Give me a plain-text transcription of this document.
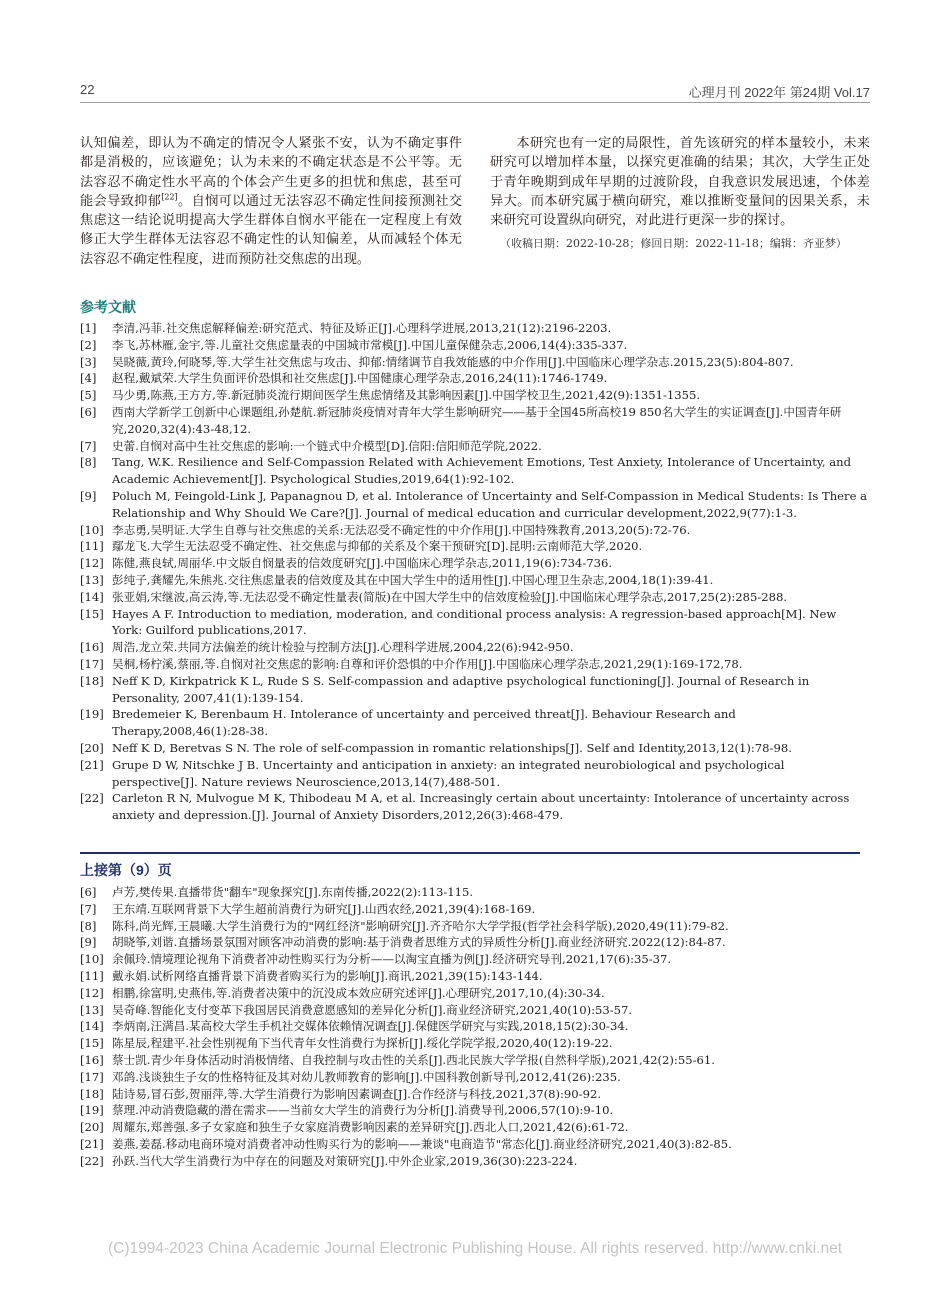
22	心理月刊 2022年 第24期 Vol.17

认知偏差，即认为不确定的情况令人紧张不安，认为不确定事件都是消极的，应该避免；认为未来的不确定状态是不公平等。无法容忍不确定性水平高的个体会产生更多的担忧和焦虑，甚至可能会导致抑郁[22]。自悯可以通过无法容忍不确定性间接预测社交焦虑这一结论说明提高大学生群体自悯水平能在一定程度上有效修正大学生群体无法容忍不确定性的认知偏差，从而减轻个体无法容忍不确定性程度，进而预防社交焦虑的出现。

本研究也有一定的局限性，首先该研究的样本量较小，未来研究可以增加样本量，以探究更准确的结果；其次，大学生正处于青年晚期到成年早期的过渡阶段，自我意识发展迅速，个体差异大。而本研究属于横向研究，难以推断变量间的因果关系，未来研究可设置纵向研究，对此进行更深一步的探讨。

（收稿日期：2022-10-28；修回日期：2022-11-18；编辑：齐亚梦）
参考文献
[1]	李清,冯菲.社交焦虑解释偏差:研究范式、特征及矫正[J].心理科学进展,2013,21(12):2196-2203.
[2]	李飞,苏林雁,金宇,等.儿童社交焦虑量表的中国城市常模[J].中国儿童保健杂志,2006,14(4):335-337.
[3]	吴晓薇,黄玲,何晓琴,等.大学生社交焦虑与攻击、抑郁:情绪调节自我效能感的中介作用[J].中国临床心理学杂志.2015,23(5):804-807.
[4]	赵程,戴斌荣.大学生负面评价恐惧和社交焦虑[J].中国健康心理学杂志,2016,24(11):1746-1749.
[5]	马少勇,陈燕,王方方,等.新冠肺炎流行期间医学生焦虑情绪及其影响因素[J].中国学校卫生,2021,42(9):1351-1355.
[6]	西南大学新学工创新中心课题组,孙楚航.新冠肺炎疫情对青年大学生影响研究——基于全国45所高校19 850名大学生的实证调查[J].中国青年研究,2020,32(4):43-48,12.
[7]	史蕾.自悯对高中生社交焦虑的影响:一个链式中介模型[D].信阳:信阳师范学院,2022.
[8]	Tang, W.K. Resilience and Self-Compassion Related with Achievement Emotions, Test Anxiety, Intolerance of Uncertainty, and Academic Achievement[J]. Psychological Studies,2019,64(1):92-102.
[9]	Poluch M, Feingold-Link J, Papanagnou D, et al. Intolerance of Uncertainty and Self-Compassion in Medical Students: Is There a Relationship and Why Should We Care?[J]. Journal of medical education and curricular development,2022,9(77):1-3.
[10] 李志勇,吴明证.大学生自尊与社交焦虑的关系:无法忍受不确定性的中介作用[J].中国特殊教育,2013,20(5):72-76.
[11] 鄢龙飞.大学生无法忍受不确定性、社交焦虑与抑郁的关系及个案干预研究[D].昆明:云南师范大学,2020.
[12] 陈健,燕良轼,周丽华.中文版自悯量表的信效度研究[J].中国临床心理学杂志,2011,19(6):734-736.
[13] 彭纯子,龚耀先,朱熊兆.交往焦虑量表的信效度及其在中国大学生中的适用性[J].中国心理卫生杂志,2004,18(1):39-41.
[14] 张亚娟,宋继波,高云涛,等.无法忍受不确定性量表(简版)在中国大学生中的信效度检验[J].中国临床心理学杂志,2017,25(2):285-288.
[15] Hayes A F. Introduction to mediation, moderation, and conditional process analysis: A regression-based approach[M]. New York: Guilford publications,2017.
[16] 周浩,龙立荣.共同方法偏差的统计检验与控制方法[J].心理科学进展,2004,22(6):942-950.
[17] 吴桐,杨柠溪,蔡丽,等.自悯对社交焦虑的影响:自尊和评价恐惧的中介作用[J].中国临床心理学杂志,2021,29(1):169-172,78.
[18] Neff K D, Kirkpatrick K L, Rude S S. Self-compassion and adaptive psychological functioning[J]. Journal of Research in Personality, 2007,41(1):139-154.
[19] Bredemeier K, Berenbaum H. Intolerance of uncertainty and perceived threat[J]. Behaviour Research and Therapy,2008,46(1):28-38.
[20] Neff K D, Beretvas S N. The role of self-compassion in romantic relationships[J]. Self and Identity,2013,12(1):78-98.
[21] Grupe D W, Nitschke J B. Uncertainty and anticipation in anxiety: an integrated neurobiological and psychological perspective[J]. Nature reviews Neuroscience,2013,14(7),488-501.
[22] Carleton R N, Mulvogue M K, Thibodeau M A, et al. Increasingly certain about uncertainty: Intolerance of uncertainty across anxiety and depression.[J]. Journal of Anxiety Disorders,2012,26(3):468-479.
上接第（9）页
[6]	卢芳,樊传果.直播带货"翻车"现象探究[J].东南传播,2022(2):113-115.
[7]	王东靖.互联网背景下大学生超前消费行为研究[J].山西农经,2021,39(4):168-169.
[8]	陈科,尚光辉,王晨曦.大学生消费行为的"网红经济"影响研究[J].齐齐哈尔大学学报(哲学社会科学版),2020,49(11):79-82.
[9]	胡晓筝,刘谐.直播场景氛围对顾客冲动消费的影响:基于消费者思维方式的异质性分析[J].商业经济研究.2022(12):84-87.
[10] 余佩玲.情境理论视角下消费者冲动性购买行为分析——以淘宝直播为例[J].经济研究导刊,2021,17(6):35-37.
[11] 戴永娟.试析网络直播背景下消费者购买行为的影响[J].商讯,2021,39(15):143-144.
[12] 相鹏,徐富明,史燕伟,等.消费者决策中的沉没成本效应研究述评[J].心理研究,2017,10,(4):30-34.
[13] 吴奇峰.智能化支付变革下我国居民消费意愿感知的差异化分析[J].商业经济研究,2021,40(10):53-57.
[14] 李炳南,汪满昌.某高校大学生手机社交媒体依赖情况调查[J].保健医学研究与实践,2018,15(2):30-34.
[15] 陈星辰,程建平.社会性别视角下当代青年女性消费行为探析[J].绥化学院学报,2020,40(12):19-22.
[16] 蔡士凯.青少年身体活动时消极情绪、自我控制与攻击性的关系[J].西北民族大学学报(自然科学版),2021,42(2):55-61.
[17] 邓鸽.浅谈独生子女的性格特征及其对幼儿教师教育的影响[J].中国科教创新导刊,2012,41(26):235.
[18] 陆诗易,冒石彭,贺丽萍,等.大学生消费行为影响因素调查[J].合作经济与科技,2021,37(8):90-92.
[19] 蔡理.冲动消费隐藏的潜在需求——当前女大学生的消费行为分析[J].消费导刊,2006,57(10):9-10.
[20] 周耀东,郑善强.多子女家庭和独生子女家庭消费影响因素的差异研究[J].西北人口,2021,42(6):61-72.
[21] 姜燕,姜磊.移动电商环境对消费者冲动性购买行为的影响——兼谈"电商造节"常态化[J].商业经济研究,2021,40(3):82-85.
[22] 孙跃.当代大学生消费行为中存在的问题及对策研究[J].中外企业家,2019,36(30):223-224.
(C)1994-2023 China Academic Journal Electronic Publishing House. All rights reserved. http://www.cnki.net
